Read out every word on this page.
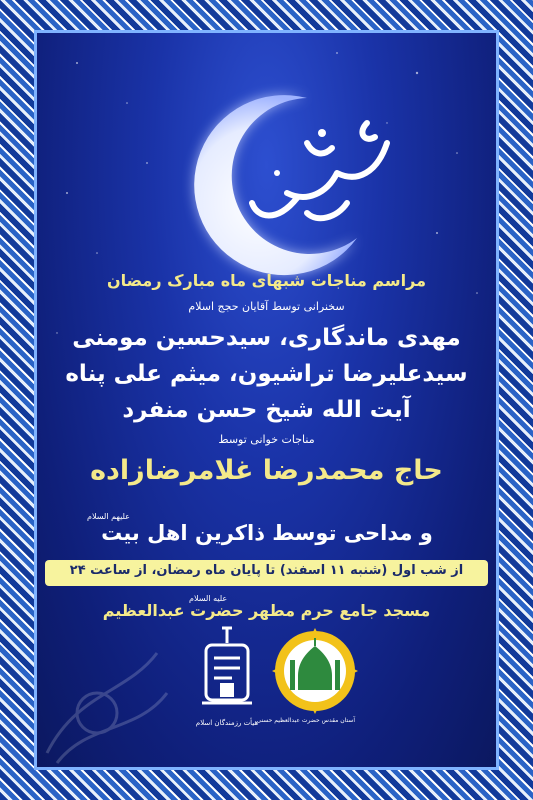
مراسم مناجات شبهای ماه مبارک رمضان
سخنرانی توسط آقایان حجج اسلام
مهدی ماندگاری، سیدحسین مومنی
سیدعلیرضا تراشیون، میثم علی پناه
آیت الله شیخ حسن منفرد
مناجات خوانی توسط
حاج محمدرضا غلامرضازاده
علیهم السلام
و مداحی توسط ذاکرین اهل بیت
از شب اول (شنبه ۱۱ اسفند) تا پایان ماه رمضان، از ساعت ۲۴
علیه السلام
مسجد جامع حرم مطهر حضرت عبدالعظیم
هیأت رزمندگان اسلام
آستان مقدس حضرت عبدالعظیم حسنی
